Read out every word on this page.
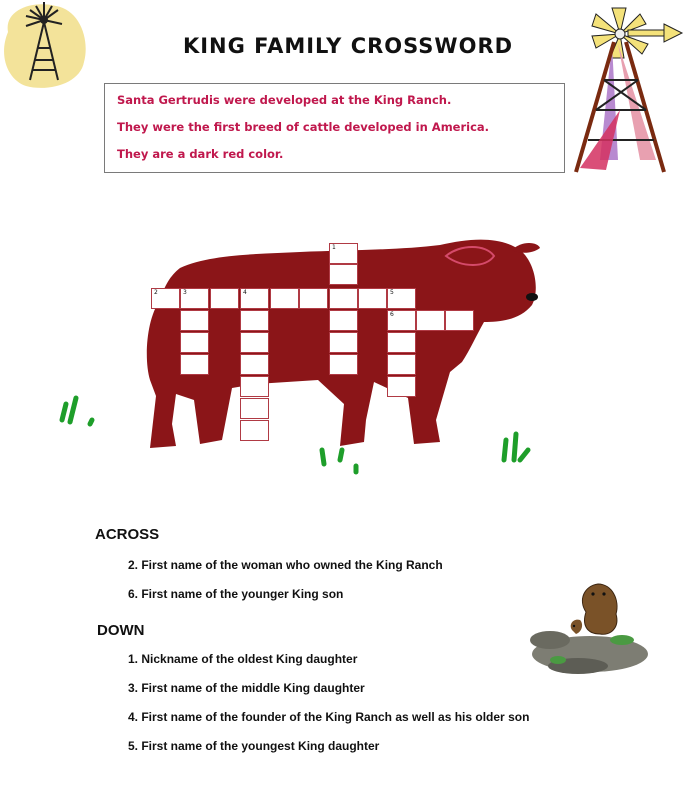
KING FAMILY CROSSWORD
Santa Gertrudis were developed at the King Ranch.
They were the first breed of cattle developed in America.
They are a dark red color.
1
2	3	4	5
6
ACROSS
2. First name of the woman who owned the King Ranch
6. First name of the younger King son
DOWN
1. Nickname of the oldest King daughter
3. First name of the middle King daughter
4. First name of the founder of the King Ranch as well as his older son
5. First name of the youngest King daughter
